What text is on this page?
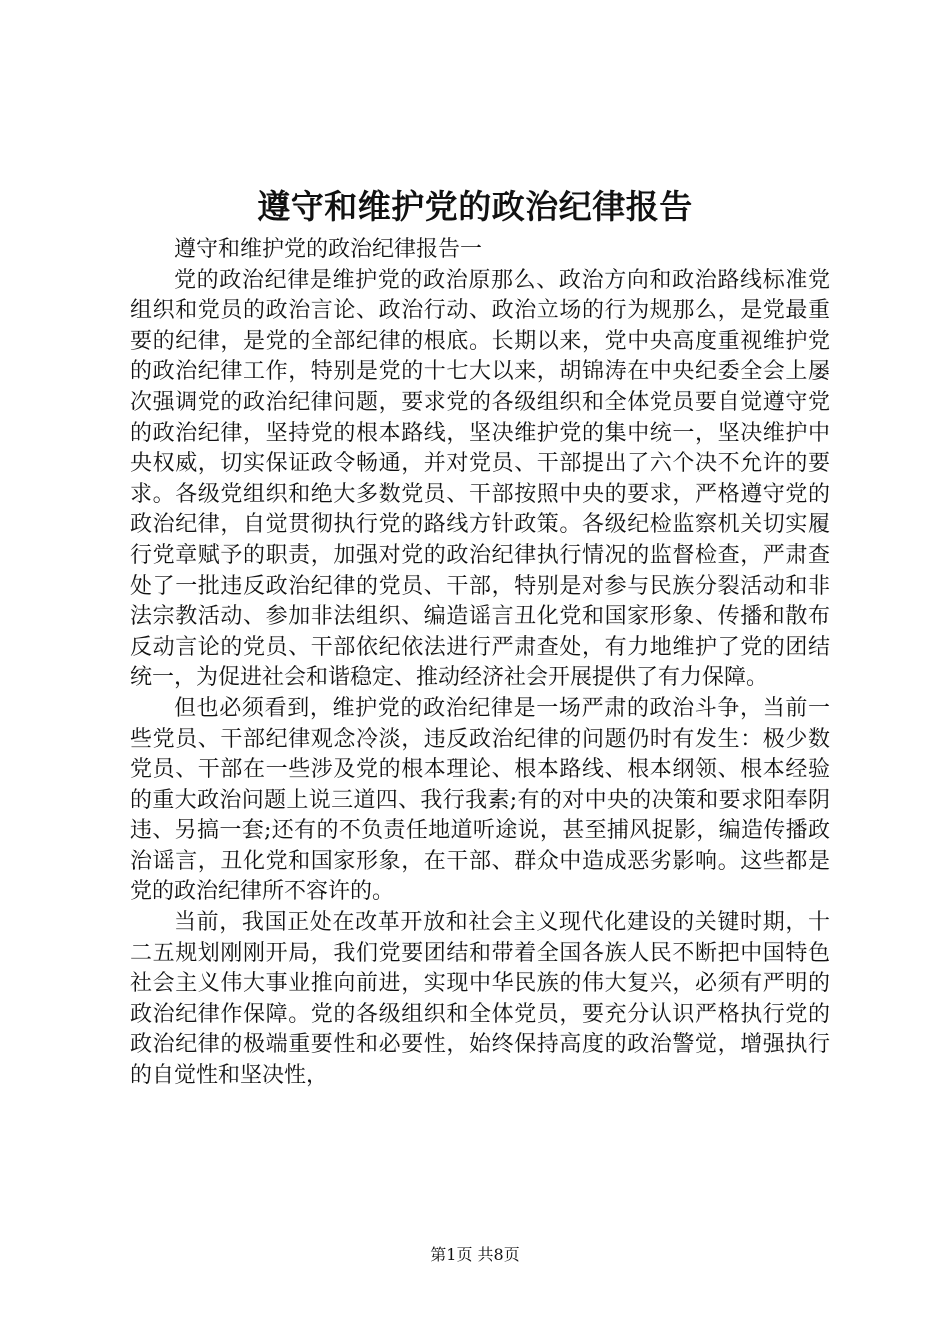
遵守和维护党的政治纪律报告

遵守和维护党的政治纪律报告一

党的政治纪律是维护党的政治原那么、政治方向和政治路线标准党组织和党员的政治言论、政治行动、政治立场的行为规那么，是党最重要的纪律，是党的全部纪律的根底。长期以来，党中央高度重视维护党的政治纪律工作，特别是党的十七大以来，胡锦涛在中央纪委全会上屡次强调党的政治纪律问题，要求党的各级组织和全体党员要自觉遵守党的政治纪律，坚持党的根本路线，坚决维护党的集中统一，坚决维护中央权威，切实保证政令畅通，并对党员、干部提出了六个决不允许的要求。各级党组织和绝大多数党员、干部按照中央的要求，严格遵守党的政治纪律，自觉贯彻执行党的路线方针政策。各级纪检监察机关切实履行党章赋予的职责，加强对党的政治纪律执行情况的监督检查，严肃查处了一批违反政治纪律的党员、干部，特别是对参与民族分裂活动和非法宗教活动、参加非法组织、编造谣言丑化党和国家形象、传播和散布反动言论的党员、干部依纪依法进行严肃查处，有力地维护了党的团结统一，为促进社会和谐稳定、推动经济社会开展提供了有力保障。

但也必须看到，维护党的政治纪律是一场严肃的政治斗争，当前一些党员、干部纪律观念冷淡，违反政治纪律的问题仍时有发生：极少数党员、干部在一些涉及党的根本理论、根本路线、根本纲领、根本经验的重大政治问题上说三道四、我行我素;有的对中央的决策和要求阳奉阴违、另搞一套;还有的不负责任地道听途说，甚至捕风捉影，编造传播政治谣言，丑化党和国家形象，在干部、群众中造成恶劣影响。这些都是党的政治纪律所不容许的。

当前，我国正处在改革开放和社会主义现代化建设的关键时期，十二五规划刚刚开局，我们党要团结和带着全国各族人民不断把中国特色社会主义伟大事业推向前进，实现中华民族的伟大复兴，必须有严明的政治纪律作保障。党的各级组织和全体党员，要充分认识严格执行党的政治纪律的极端重要性和必要性，始终保持高度的政治警觉，增强执行的自觉性和坚决性，

第1页 共8页
